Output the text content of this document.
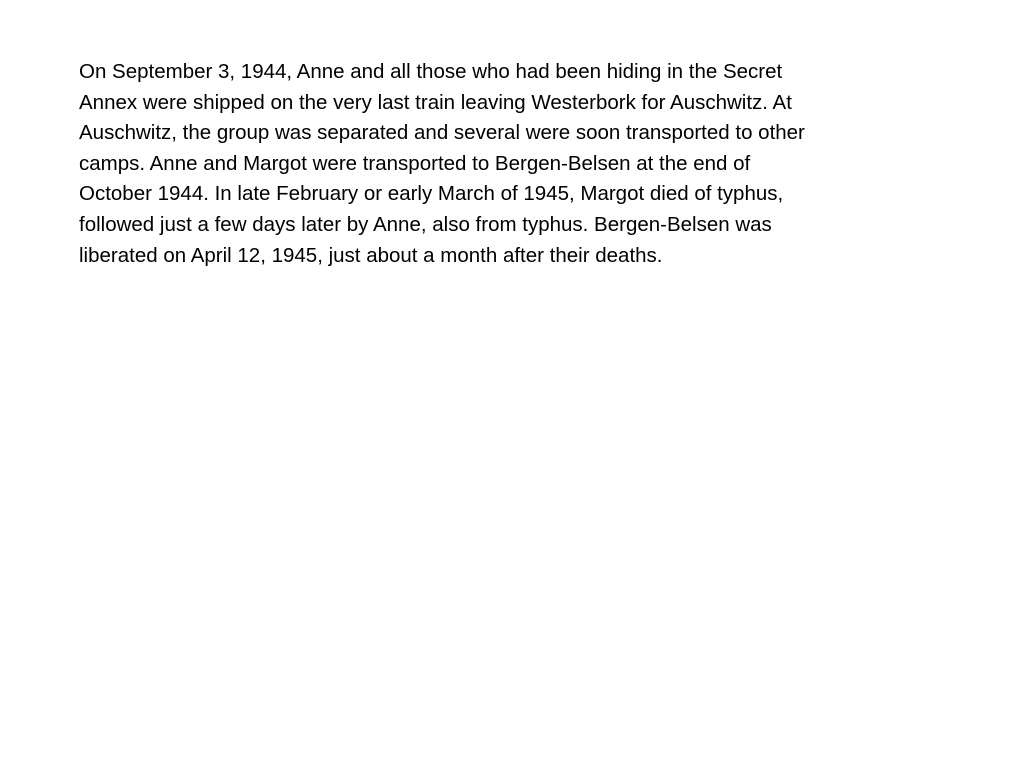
On September 3, 1944, Anne and all those who had been hiding in the Secret
Annex were shipped on the very last train leaving Westerbork for Auschwitz. At
Auschwitz, the group was separated and several were soon transported to other
camps. Anne and Margot were transported to Bergen-Belsen at the end of
October 1944. In late February or early March of 1945, Margot died of typhus,
followed just a few days later by Anne, also from typhus. Bergen-Belsen was
liberated on April 12, 1945, just about a month after their deaths.
